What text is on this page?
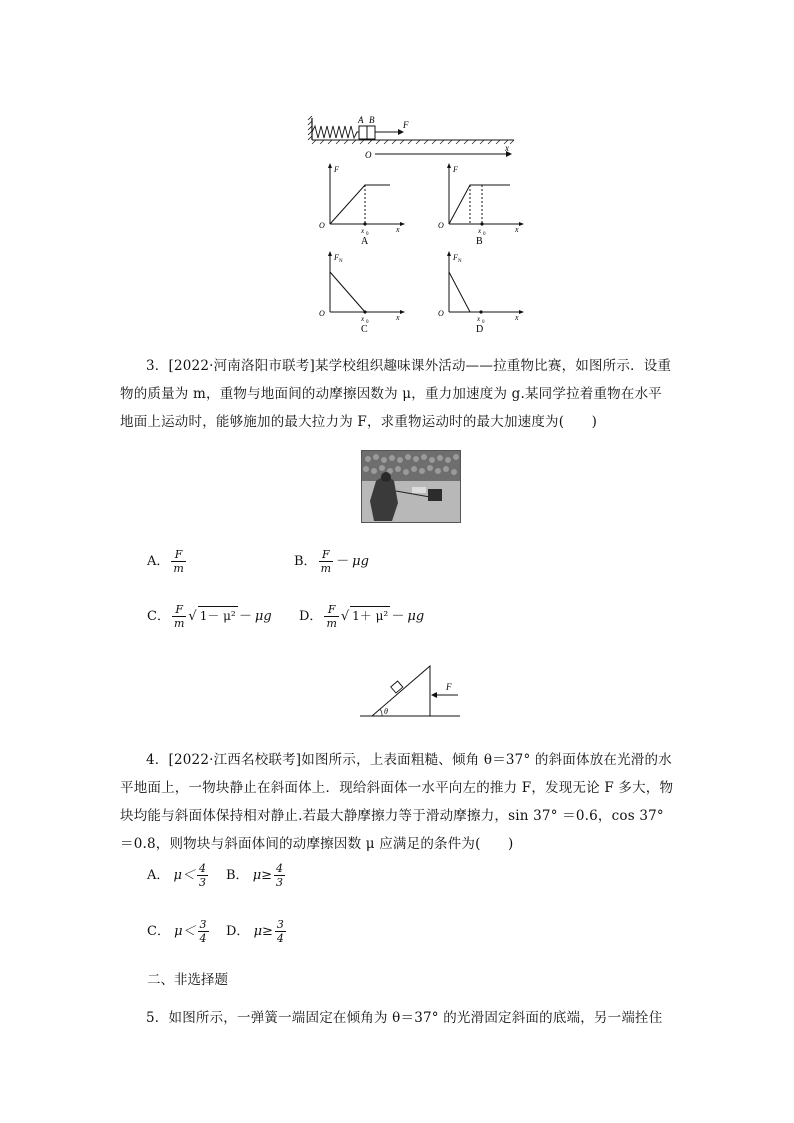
A B	F
O
x
F
O	x
x 0
A
F
O	x
x 0
B
F N
O	x
x 0
C
F N
O	x
x 0
D
3．[2022·河南洛阳市联考]某学校组织趣味课外活动——拉重物比赛，如图所示．设重物的质量为 m，重物与地面间的动摩擦因数为 μ，重力加速度为 g.某同学拉着重物在水平地面上运动时，能够施加的最大拉力为 F，求重物运动时的最大加速度为(　　)
A． $\frac{F}{m}$	B． $\frac{F}{m} - \mu g$
C． $\frac{F}{m}$ √ 1－ μ² － μg D． $\frac{F}{m}$ √ 1＋ μ² － μg
θ
F
4．[2022·江西名校联考]如图所示，上表面粗糙、倾角 θ＝37° 的斜面体放在光滑的水平地面上，一物块静止在斜面体上．现给斜面体一水平向左的推力 F，发现无论 F 多大，物块均能与斜面体保持相对静止.若最大静摩擦力等于滑动摩擦力，sin 37° ＝0.6，cos 37° ＝0.8，则物块与斜面体间的动摩擦因数 μ 应满足的条件为(　　)
A． $\mu< \frac{4}{3}$ B． $\mu\ge \frac{4}{3}$
C． $\mu< \frac{3}{4}$ D． $\mu\ge \frac{3}{4}$
二、非选择题
5．如图所示，一弹簧一端固定在倾角为 θ＝37° 的光滑固定斜面的底端，另一端拴住
